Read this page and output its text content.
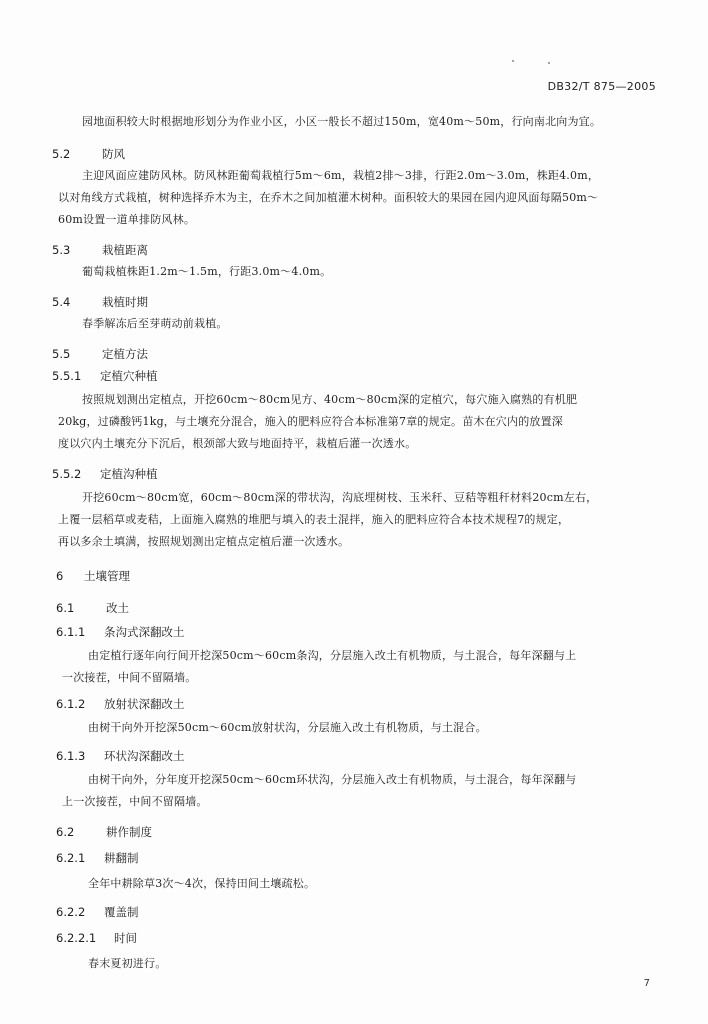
DB32/T 875—2005
园地面积较大时根据地形划分为作业小区，小区一般长不超过150m，宽40m～50m，行向南北向为宜。
5.2	防风
主迎风面应建防风林。防风林距葡萄栽植行5m～6m，栽植2排～3排，行距2.0m～3.0m，株距4.0m，
以对角线方式栽植，树种选择乔木为主，在乔木之间加植灌木树种。面积较大的果园在园内迎风面每隔50m～
60m设置一道单排防风林。
5.3	栽植距离
葡萄栽植株距1.2m～1.5m，行距3.0m～4.0m。
5.4	栽植时期
春季解冻后至芽萌动前栽植。
5.5	定植方法
5.5.1 定植穴种植
按照规划测出定植点，开挖60cm～80cm见方、40cm～80cm深的定植穴，每穴施入腐熟的有机肥
20kg，过磷酸钙1kg，与土壤充分混合，施入的肥料应符合本标准第7章的规定。苗木在穴内的放置深
度以穴内土壤充分下沉后，根颈部大致与地面持平，栽植后灌一次透水。
5.5.2 定植沟种植
开挖60cm～80cm宽，60cm～80cm深的带状沟，沟底埋树枝、玉米秆、豆秸等粗秆材料20cm左右，
上覆一层稻草或麦秸，上面施入腐熟的堆肥与填入的表土混拌，施入的肥料应符合本技术规程7的规定，
再以多余土填满，按照规划测出定植点定植后灌一次透水。
6 土壤管理
6.1	改土
6.1.1 条沟式深翻改土
由定植行逐年向行间开挖深50cm～60cm条沟，分层施入改土有机物质，与土混合，每年深翻与上
一次接茬，中间不留隔墙。
6.1.2 放射状深翻改土
由树干向外开挖深50cm～60cm放射状沟，分层施入改土有机物质，与土混合。
6.1.3 环状沟深翻改土
由树干向外，分年度开挖深50cm～60cm环状沟，分层施入改土有机物质，与土混合，每年深翻与
上一次接茬，中间不留隔墙。
6.2	耕作制度
6.2.1 耕翻制
全年中耕除草3次～4次，保持田间土壤疏松。
6.2.2 覆盖制
6.2.2.1 时间
春末夏初进行。
7
